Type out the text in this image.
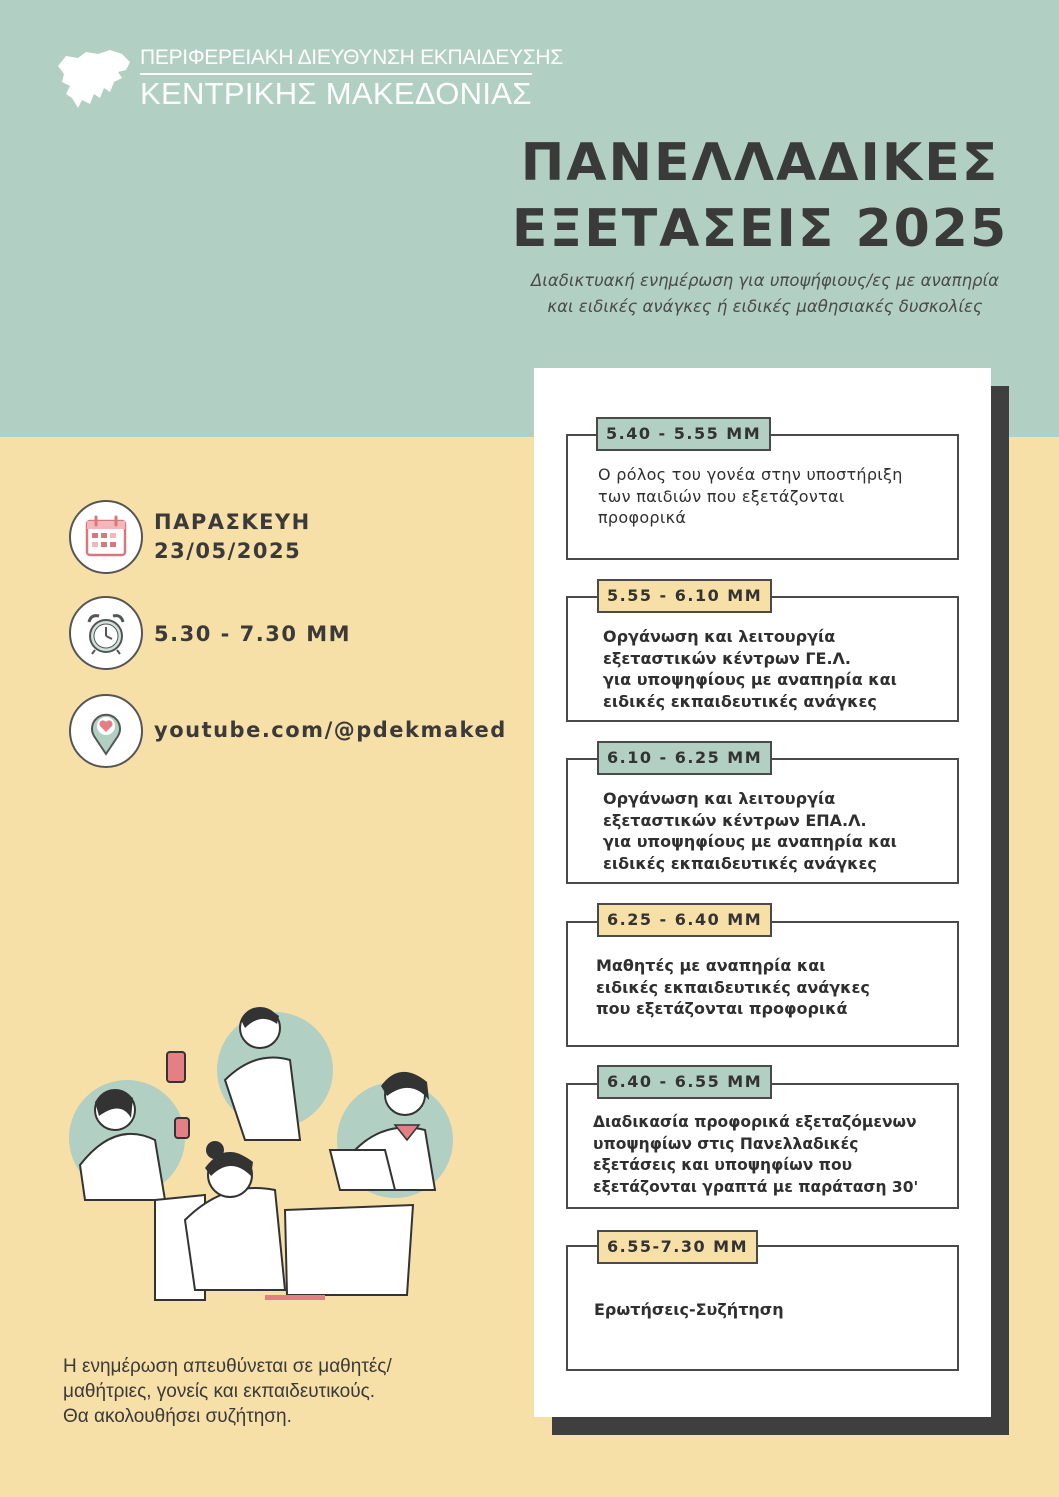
ΠΕΡΙΦΕΡΕΙΑΚΗ ΔΙΕΥΘΥΝΣΗ ΕΚΠΑΙΔΕΥΣΗΣ
ΚΕΝΤΡΙΚΗΣ ΜΑΚΕΔΟΝΙΑΣ
ΠΑΝΕΛΛΑΔΙΚΕΣ
ΕΞΕΤΑΣΕΙΣ 2025
Διαδικτυακή ενημέρωση για υποψήφιους/ες με αναπηρία
και ειδικές ανάγκες ή ειδικές μαθησιακές δυσκολίες
ΠΑΡΑΣΚΕΥΗ
23/05/2025
5.30 - 7.30 ΜΜ
youtube.com/@pdekmaked
Η ενημέρωση απευθύνεται σε μαθητές/
μαθήτριες, γονείς και εκπαιδευτικούς.
Θα ακολουθήσει συζήτηση.
5.40 - 5.55 ΜΜ
Ο ρόλος του γονέα στην υποστήριξη
των παιδιών που εξετάζονται
προφορικά
5.55 - 6.10 ΜΜ
Οργάνωση και λειτουργία
εξεταστικών κέντρων ΓΕ.Λ.
για υποψηφίους με αναπηρία και
ειδικές εκπαιδευτικές ανάγκες
6.10 - 6.25 ΜΜ
Οργάνωση και λειτουργία
εξεταστικών κέντρων ΕΠΑ.Λ.
για υποψηφίους με αναπηρία και
ειδικές εκπαιδευτικές ανάγκες
6.25 - 6.40 ΜΜ
Μαθητές με αναπηρία και
ειδικές εκπαιδευτικές ανάγκες
που εξετάζονται προφορικά
6.40 - 6.55 ΜΜ
Διαδικασία προφορικά εξεταζόμενων
υποψηφίων στις Πανελλαδικές
εξετάσεις και υποψηφίων που
εξετάζονται γραπτά με παράταση 30'
6.55-7.30 ΜΜ
Ερωτήσεις-Συζήτηση
